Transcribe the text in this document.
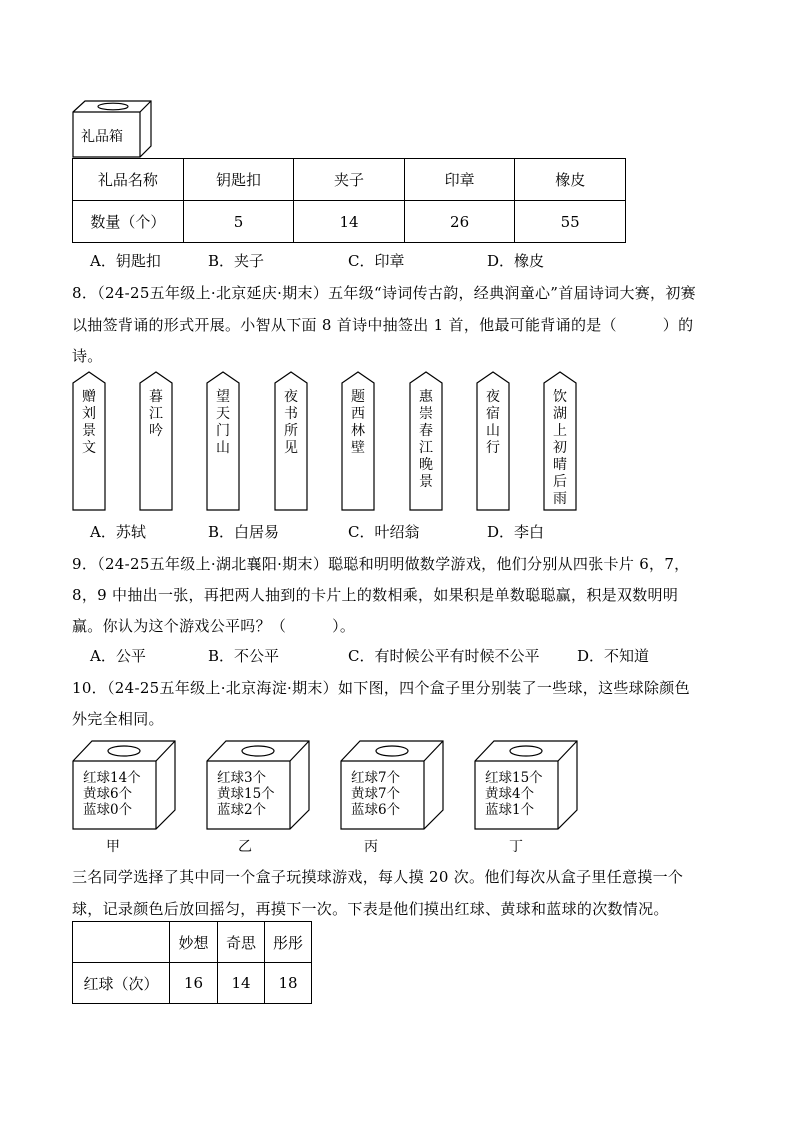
礼品箱
礼品名称	钥匙扣	夹子	印章	橡皮
数量（个）	5	14	26	55
A．钥匙扣	B．夹子	C．印章	D．橡皮
8．（24-25五年级上·北京延庆·期末）五年级“诗词传古韵，经典润童心”首届诗词大赛，初赛
以抽签背诵的形式开展。小智从下面 8 首诗中抽签出 1 首，他最可能背诵的是（　　　）的
诗。
赠
刘
景
文
暮
江
吟
望
天
门
山
夜
书
所
见
题
西
林
壁
惠
崇
春
江
晚
景
夜
宿
山
行
饮
湖
上
初
晴
后
雨
A．苏轼	B．白居易	C．叶绍翁	D．李白
9．（24-25五年级上·湖北襄阳·期末）聪聪和明明做数学游戏，他们分别从四张卡片 6，7，
8，9 中抽出一张，再把两人抽到的卡片上的数相乘，如果积是单数聪聪赢，积是双数明明
赢。你认为这个游戏公平吗？（　　　）。
A．公平	B．不公平	C．有时候公平有时候不公平	D．不知道
10．（24-25五年级上·北京海淀·期末）如下图，四个盒子里分别装了一些球，这些球除颜色
外完全相同。
红球14个
黄球6个
蓝球0个
红球3个
黄球15个
蓝球2个
红球7个
黄球7个
蓝球6个
红球15个
黄球4个
蓝球1个
甲	乙	丙	丁
三名同学选择了其中同一个盒子玩摸球游戏，每人摸 20 次。他们每次从盒子里任意摸一个
球，记录颜色后放回摇匀，再摸下一次。下表是他们摸出红球、黄球和蓝球的次数情况。
	妙想	奇思	彤彤
红球（次）	16	14	18
